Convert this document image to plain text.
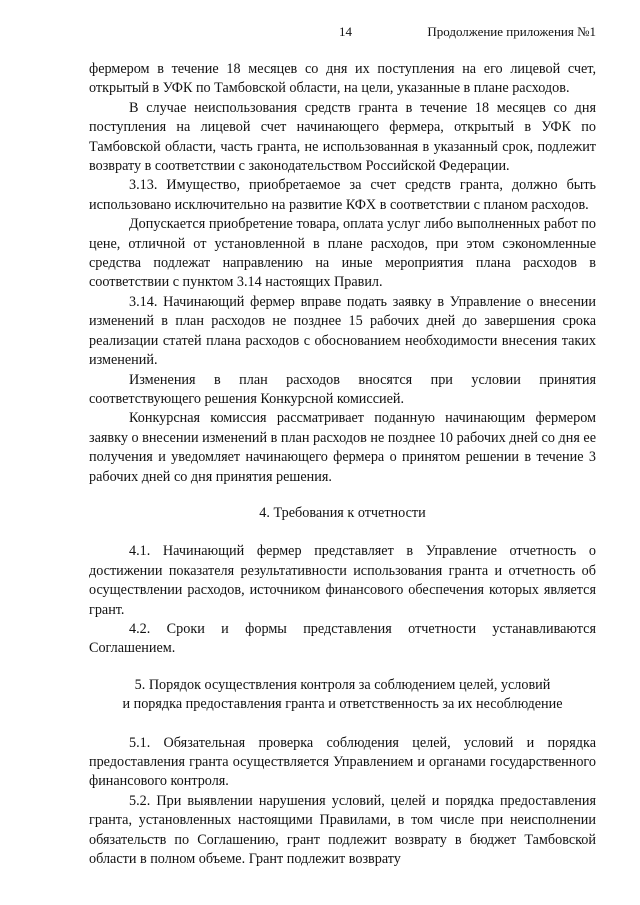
14	Продолжение приложения №1

фермером в течение 18 месяцев со дня их поступления на его лицевой счет, открытый в УФК по Тамбовской области, на цели, указанные в плане расходов.

В случае неиспользования средств гранта в течение 18 месяцев со дня поступления на лицевой счет начинающего фермера, открытый в УФК по Тамбовской области, часть гранта, не использованная в указанный срок, подлежит возврату в соответствии с законодательством Российской Федерации.

3.13. Имущество, приобретаемое за счет средств гранта, должно быть использовано исключительно на развитие КФХ в соответствии с планом расходов.

Допускается приобретение товара, оплата услуг либо выполненных работ по цене, отличной от установленной в плане расходов, при этом сэкономленные средства подлежат направлению на иные мероприятия плана расходов в соответствии с пунктом 3.14 настоящих Правил.

3.14. Начинающий фермер вправе подать заявку в Управление о внесении изменений в план расходов не позднее 15 рабочих дней до завершения срока реализации статей плана расходов с обоснованием необходимости внесения таких изменений.

Изменения в план расходов вносятся при условии принятия соответствующего решения Конкурсной комиссией.

Конкурсная комиссия рассматривает поданную начинающим фермером заявку о внесении изменений в план расходов не позднее 10 рабочих дней со дня ее получения и уведомляет начинающего фермера о принятом решении в течение 3 рабочих дней со дня принятия решения.

4. Требования к отчетности

4.1. Начинающий фермер представляет в Управление отчетность о достижении показателя результативности использования гранта и отчетность об осуществлении расходов, источником финансового обеспечения которых является грант.

4.2. Сроки и формы представления отчетности устанавливаются Соглашением.

5. Порядок осуществления контроля за соблюдением целей, условий

и порядка предоставления гранта и ответственность за их несоблюдение

5.1. Обязательная проверка соблюдения целей, условий и порядка предоставления гранта осуществляется Управлением и органами государственного финансового контроля.

5.2. При выявлении нарушения условий, целей и порядка предоставления гранта, установленных настоящими Правилами, в том числе при неисполнении обязательств по Соглашению, грант подлежит возврату в бюджет Тамбовской области в полном объеме. Грант подлежит возврату
